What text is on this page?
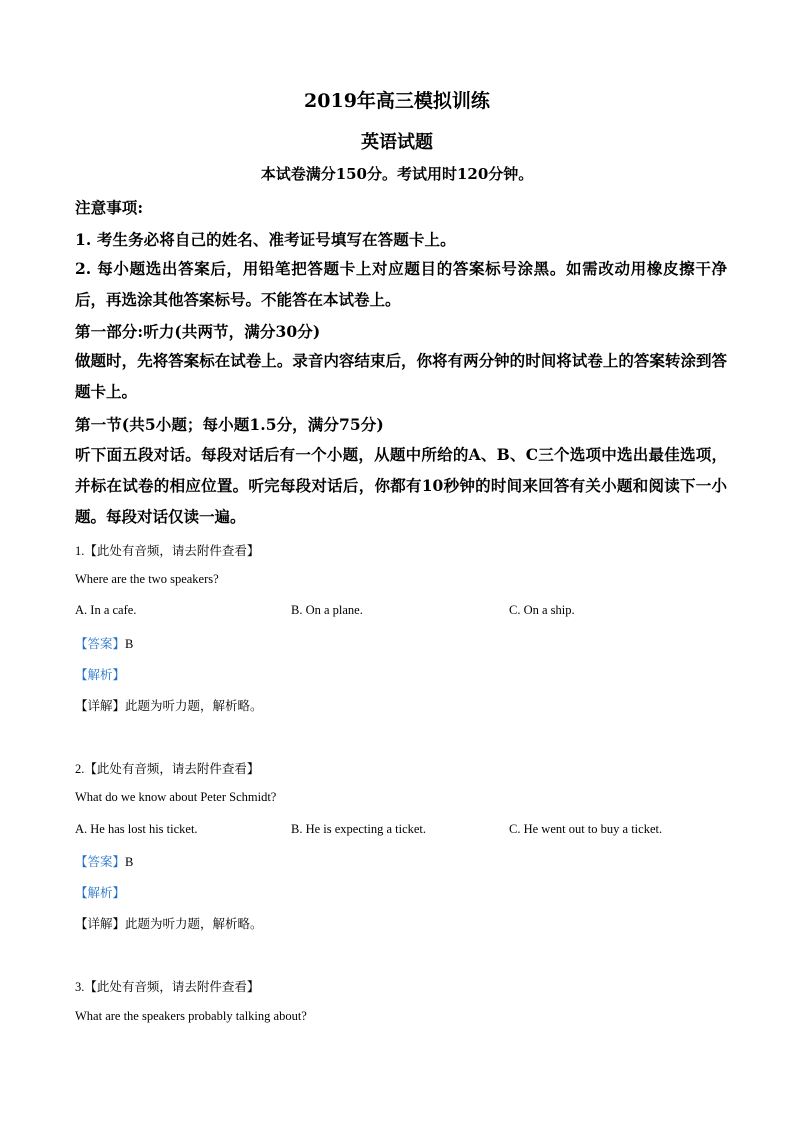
2019年高三模拟训练
英语试题
本试卷满分150分。考试用时120分钟。
注意事项:
1. 考生务必将自己的姓名、准考证号填写在答题卡上。
2. 每小题选出答案后，用铅笔把答题卡上对应题目的答案标号涂黑。如需改动用橡皮擦干净后，再选涂其他答案标号。不能答在本试卷上。
第一部分:听力(共两节，满分30分)
做题时，先将答案标在试卷上。录音内容结束后，你将有两分钟的时间将试卷上的答案转涂到答题卡上。
第一节(共5小题；每小题1.5分，满分75分)
听下面五段对话。每段对话后有一个小题，从题中所给的A、B、C三个选项中选出最佳选项，并标在试卷的相应位置。听完每段对话后，你都有10秒钟的时间来回答有关小题和阅读下一小题。每段对话仅读一遍。
1.【此处有音频，请去附件查看】
Where are the two speakers?
A. In a cafe.	B. On a plane.	C. On a ship.
【答案】B
【解析】
【详解】此题为听力题，解析略。
2.【此处有音频，请去附件查看】
What do we know about Peter Schmidt?
A. He has lost his ticket.	B. He is expecting a ticket.	C. He went out to buy a ticket.
【答案】B
【解析】
【详解】此题为听力题，解析略。
3.【此处有音频，请去附件查看】
What are the speakers probably talking about?
